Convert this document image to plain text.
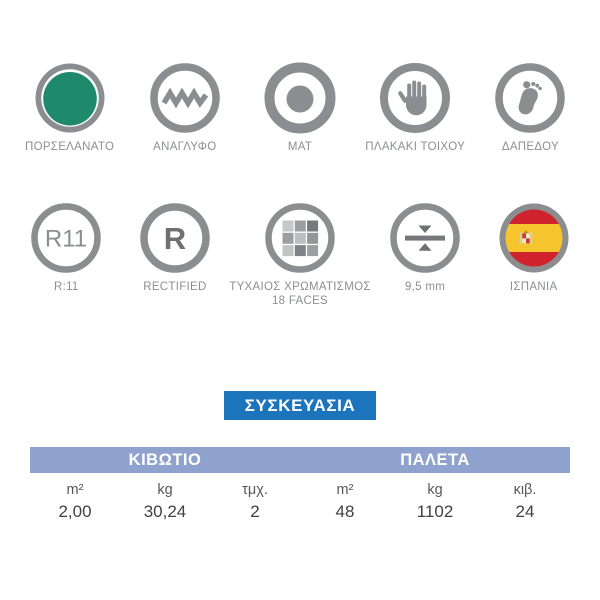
ΠΟΡΣΕΛΑΝΑΤΟ	ΑΝΑΓΛΥΦΟ	ΜΑΤ	ΠΛΑΚΑΚΙ ΤΟΙΧΟΥ	ΔΑΠΕΔΟΥ
R11
R:11
R
RECTIFIED ΤΥΧΑΙΟΣ ΧΡΩΜΑΤΙΣΜΟΣ
18 FACES
9,5 mm	ΙΣΠΑΝΙΑ
ΣΥΣΚΕΥΑΣΙΑ
ΚΙΒΩΤΙΟ	ΠΑΛΕΤΑ
m²	kg	τμχ.	m²	kg	κιβ.
2,00	30,24	2	48	1102	24
